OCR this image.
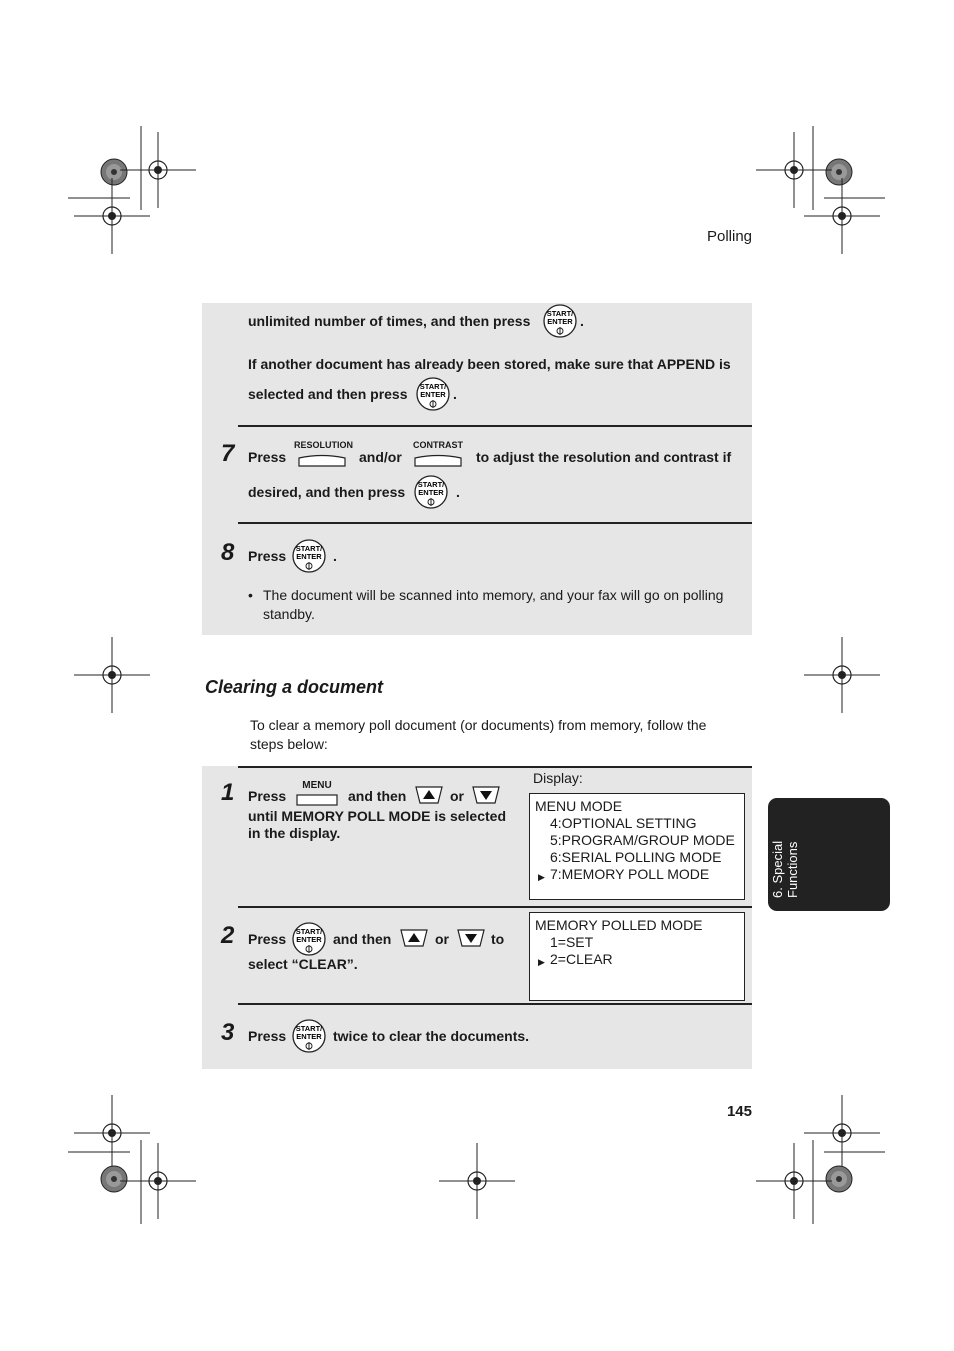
Polling
unlimited number of times, and then press START/
ENTER .
If another document has already been stored, make sure that APPEND is
selected and then press START/
ENTER .
7 Press
RESOLUTION
and/or
CONTRAST
to adjust the resolution and contrast if
desired, and then press START/
ENTER .
8 Press START/
ENTER .
• The document will be scanned into memory, and your fax will go on polling standby.
Clearing a document
To clear a memory poll document (or documents) from memory, follow the steps below:
Display:
1 Press
MENU
and then	or
until MEMORY POLL MODE is selected
in the display.
MENU MODE
4:OPTIONAL SETTING
5:PROGRAM/GROUP MODE
6:SERIAL POLLING MODE
▶ 7:MEMORY POLL MODE
2 Press START/
ENTER and then	or	to
select “CLEAR”.
MEMORY POLLED MODE
1=SET
▶ 2=CLEAR
3 Press START/
ENTER twice to clear the documents.
6. Special Functions
145
